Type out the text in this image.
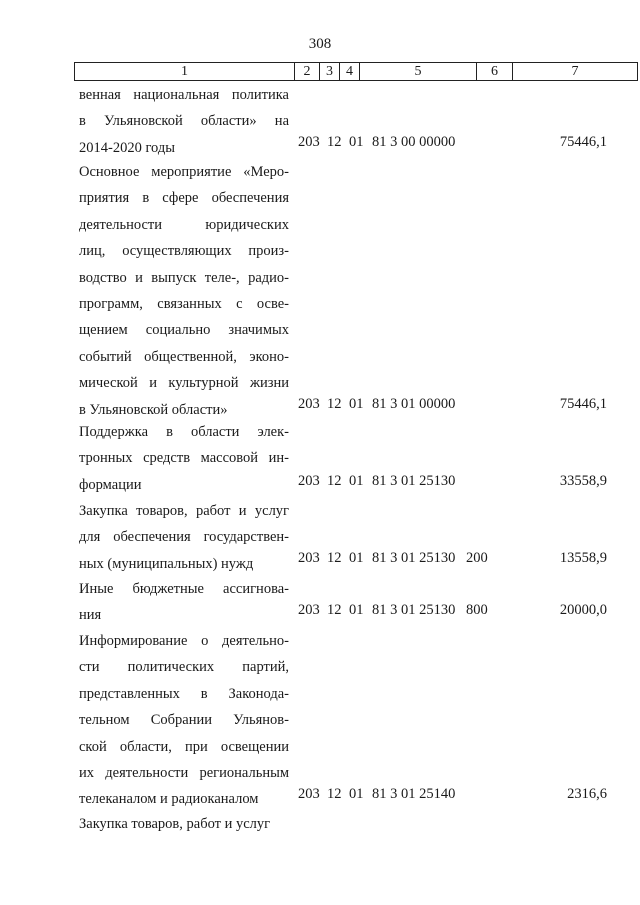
308
1	2	3	4	5	6	7
венная национальная политика
в Ульяновской области» на
2014-2020 годы	203 12 01 81 3 00 00000	75446,1
Основное мероприятие «Меро-
приятия в сфере обеспечения
деятельности юридических
лиц, осуществляющих произ-
водство и выпуск теле-, радио-
программ, связанных с осве-
щением социально значимых
событий общественной, эконо-
мической и культурной жизни
в Ульяновской области»	203 12 01 81 3 01 00000	75446,1
Поддержка в области элек-
тронных средств массовой ин-
формации	203 12 01 81 3 01 25130	33558,9
Закупка товаров, работ и услуг
для обеспечения государствен-
ных (муниципальных) нужд	203 12 01 81 3 01 25130 200	13558,9
Иные бюджетные ассигнова-
ния	203 12 01 81 3 01 25130 800	20000,0
Информирование о деятельно-
сти политических партий,
представленных в Законода-
тельном Собрании Ульянов-
ской области, при освещении
их деятельности региональным
телеканалом и радиоканалом	203 12 01 81 3 01 25140	2316,6
Закупка товаров, работ и услуг
